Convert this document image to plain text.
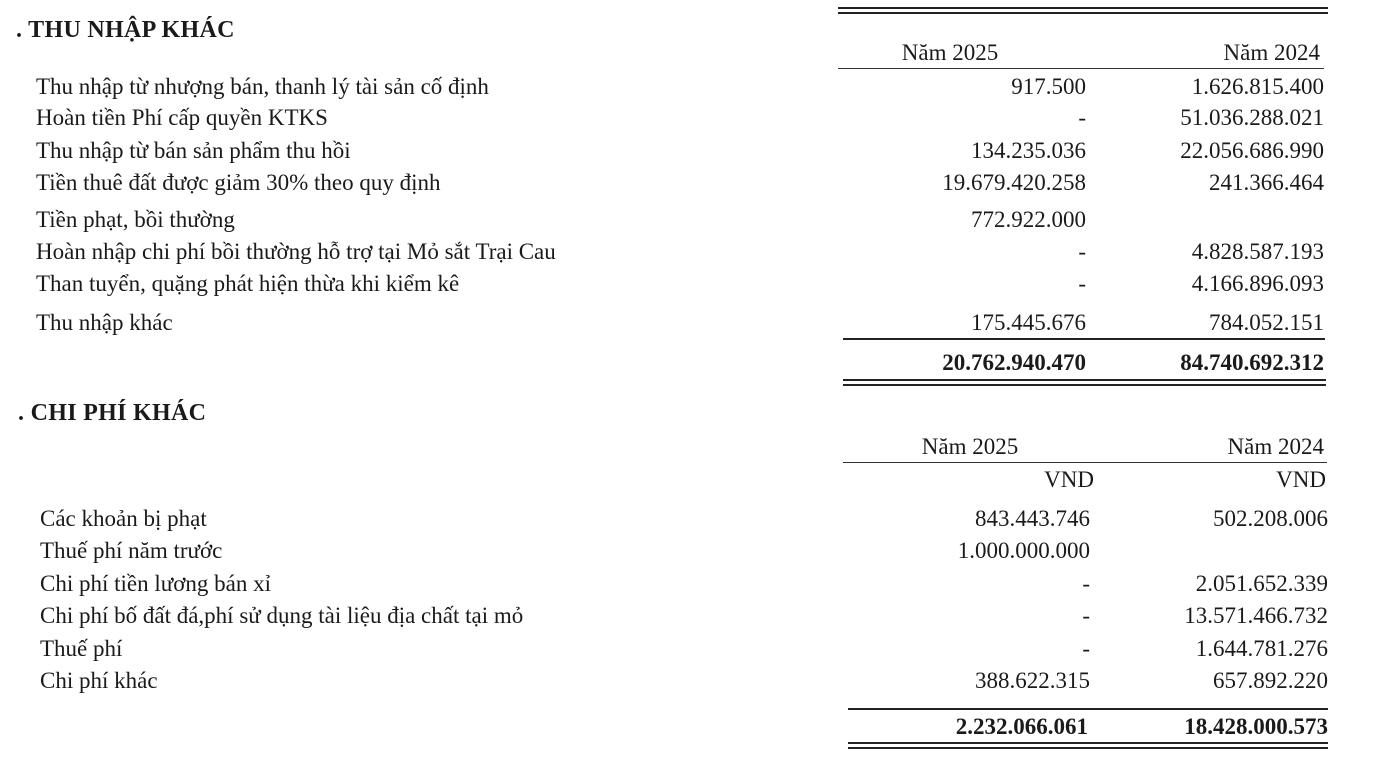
. THU NHẬP KHÁC
Năm 2025	Năm 2024
Thu nhập từ nhượng bán, thanh lý tài sản cố định	917.500	1.626.815.400
Hoàn tiền Phí cấp quyền KTKS	-	51.036.288.021
Thu nhập từ bán sản phẩm thu hồi	134.235.036	22.056.686.990
Tiền thuê đất được giảm 30% theo quy định	19.679.420.258	241.366.464
Tiền phạt, bồi thường	772.922.000
Hoàn nhập chi phí bồi thường hỗ trợ tại Mỏ sắt Trại Cau	-	4.828.587.193
Than tuyển, quặng phát hiện thừa khi kiểm kê	-	4.166.896.093
Thu nhập khác	175.445.676	784.052.151
20.762.940.470	84.740.692.312
. CHI PHÍ KHÁC
Năm 2025	Năm 2024
VND	VND
Các khoản bị phạt	843.443.746	502.208.006
Thuế phí năm trước	1.000.000.000
Chi phí tiền lương bán xỉ	-	2.051.652.339
Chi phí bố đất đá,phí sử dụng tài liệu địa chất tại mỏ	-	13.571.466.732
Thuế phí	-	1.644.781.276
Chi phí khác	388.622.315	657.892.220
2.232.066.061	18.428.000.573
